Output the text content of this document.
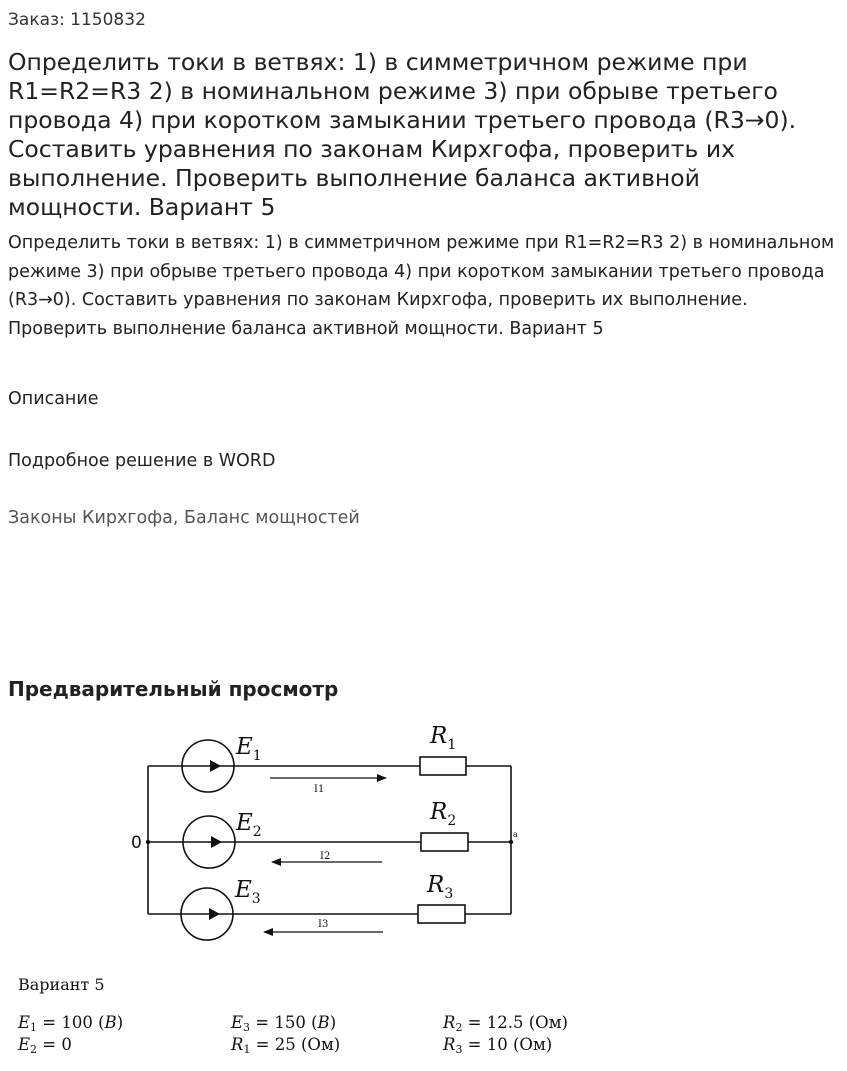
Заказ: 1150832
Определить токи в ветвях: 1) в симметричном режиме при R1=R2=R3 2) в номинальном режиме 3) при обрыве третьего провода 4) при коротком замыкании третьего провода (R3→0). Составить уравнения по законам Кирхгофа, проверить их выполнение. Проверить выполнение баланса активной мощности. Вариант 5
Определить токи в ветвях: 1) в симметричном режиме при R1=R2=R3 2) в номинальном режиме 3) при обрыве третьего провода 4) при коротком замыкании третьего провода (R3→0). Составить уравнения по законам Кирхгофа, проверить их выполнение. Проверить выполнение баланса активной мощности. Вариант 5
Описание
Подробное решение в WORD
Законы Кирхгофа, Баланс мощностей
Предварительный просмотр
$E_1$
$E_2$
$E_3$
$R_1$
$R_2$
$R_3$
I1
I2
I3
0	a
Вариант 5
$E_1 = 100$ (B)
$E_2 = 0$
$E_3 = 150$ (B)
$R_1 = 25$ (Ом)
$R_2 = 12.5$ (Ом)
$R_3 = 10$ (Ом)
